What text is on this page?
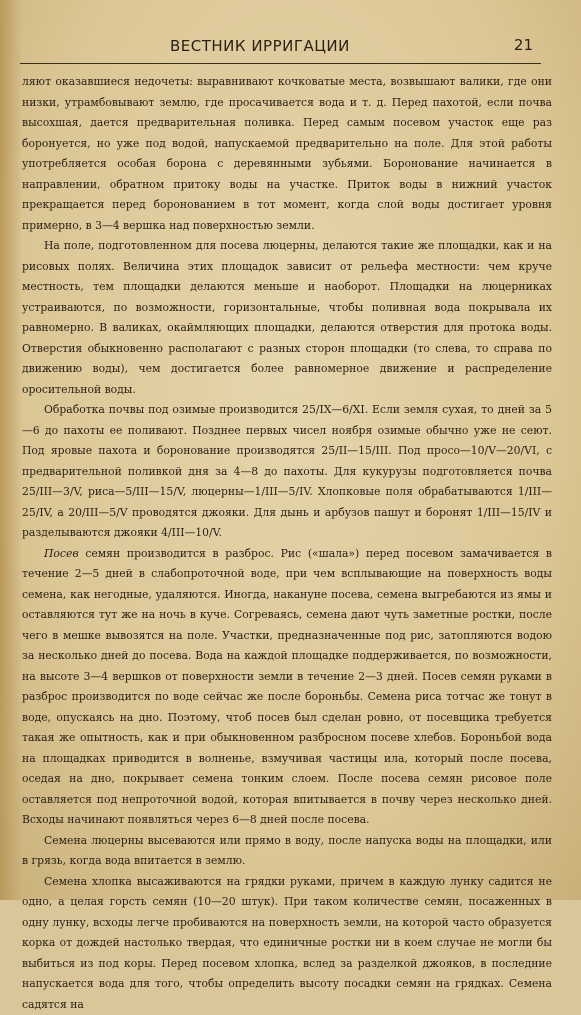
ВЕСТНИК ИРРИГАЦИИ	21

ляют оказавшиеся недочеты: выравнивают кочковатые места, возвышают валики, где они низки, утрамбовывают землю, где просачивается вода и т. д. Перед пахотой, если почва высохшая, дается предварительная поливка. Перед самым посевом участок еще раз боронуется, но уже под водой, напускаемой предварительно на поле. Для этой работы употребляется особая борона с деревянными зубьями. Боронование начинается в направлении, обратном притоку воды на участке. Приток воды в нижний участок прекращается перед боронованием в тот момент, когда слой воды достигает уровня примерно, в 3—4 вершка над поверхностью земли.

На поле, подготовленном для посева люцерны, делаются такие же площадки, как и на рисовых полях. Величина этих площадок зависит от рельефа местности: чем круче местность, тем площадки делаются меньше и наоборот. Площадки на люцерниках устраиваются, по возможности, горизонтальные, чтобы поливная вода покрывала их равномерно. В валиках, окаймляющих площадки, делаются отверстия для протока воды. Отверстия обыкновенно располагают с разных сторон площадки (то слева, то справа по движению воды), чем достигается более равномерное движение и распределение оросительной воды.

Обработка почвы под озимые производится 25/IX—6/XI. Если земля сухая, то дней за 5—6 до пахоты ее поливают. Позднее первых чисел ноября озимые обычно уже не сеют. Под яровые пахота и боронование производятся 25/II—15/III. Под просо—10/V—20/VI, с предварительной поливкой дня за 4—8 до пахоты. Для кукурузы подготовляется почва 25/III—3/V, риса—5/III—15/V, люцерны—1/III—5/IV. Хлопковые поля обрабатываются 1/III—25/IV, а 20/III—5/V проводятся джояки. Для дынь и арбузов пашут и боронят 1/III—15/IV и разделываются джояки 4/III—10/V.

Посев семян производится в разброс. Рис («шала») перед посевом замачивается в течение 2—5 дней в слабопроточной воде, при чем всплывающие на поверхность воды семена, как негодные, удаляются. Иногда, накануне посева, семена выгребаются из ямы и оставляются тут же на ночь в куче. Согреваясь, семена дают чуть заметные ростки, после чего в мешке вывозятся на поле. Участки, предназначенные под рис, затопляются водою за несколько дней до посева. Вода на каждой площадке поддерживается, по возможности, на высоте 3—4 вершков от поверхности земли в течение 2—3 дней. Посев семян руками в разброс производится по воде сейчас же после бороньбы. Семена риса тотчас же тонут в воде, опускаясь на дно. Поэтому, чтоб посев был сделан ровно, от посевщика требуется такая же опытность, как и при обыкновенном разбросном посеве хлебов. Бороньбой вода на площадках приводится в волненье, взмучивая частицы ила, который после посева, оседая на дно, покрывает семена тонким слоем. После посева семян рисовое поле оставляется под непроточной водой, которая впитывается в почву через несколько дней. Всходы начинают появляться через 6—8 дней после посева.

Семена люцерны высеваются или прямо в воду, после напуска воды на площадки, или в грязь, когда вода впитается в землю.

Семена хлопка высаживаются на грядки руками, причем в каждую лунку садится не одно, а целая горсть семян (10—20 штук). При таком количестве семян, посаженных в одну лунку, всходы легче пробиваются на поверхность земли, на которой часто образуется корка от дождей настолько твердая, что единичные ростки ни в коем случае не могли бы выбиться из под коры. Перед посевом хлопка, вслед за разделкой джояков, в последние напускается вода для того, чтобы определить высоту посадки семян на грядках. Семена садятся на
